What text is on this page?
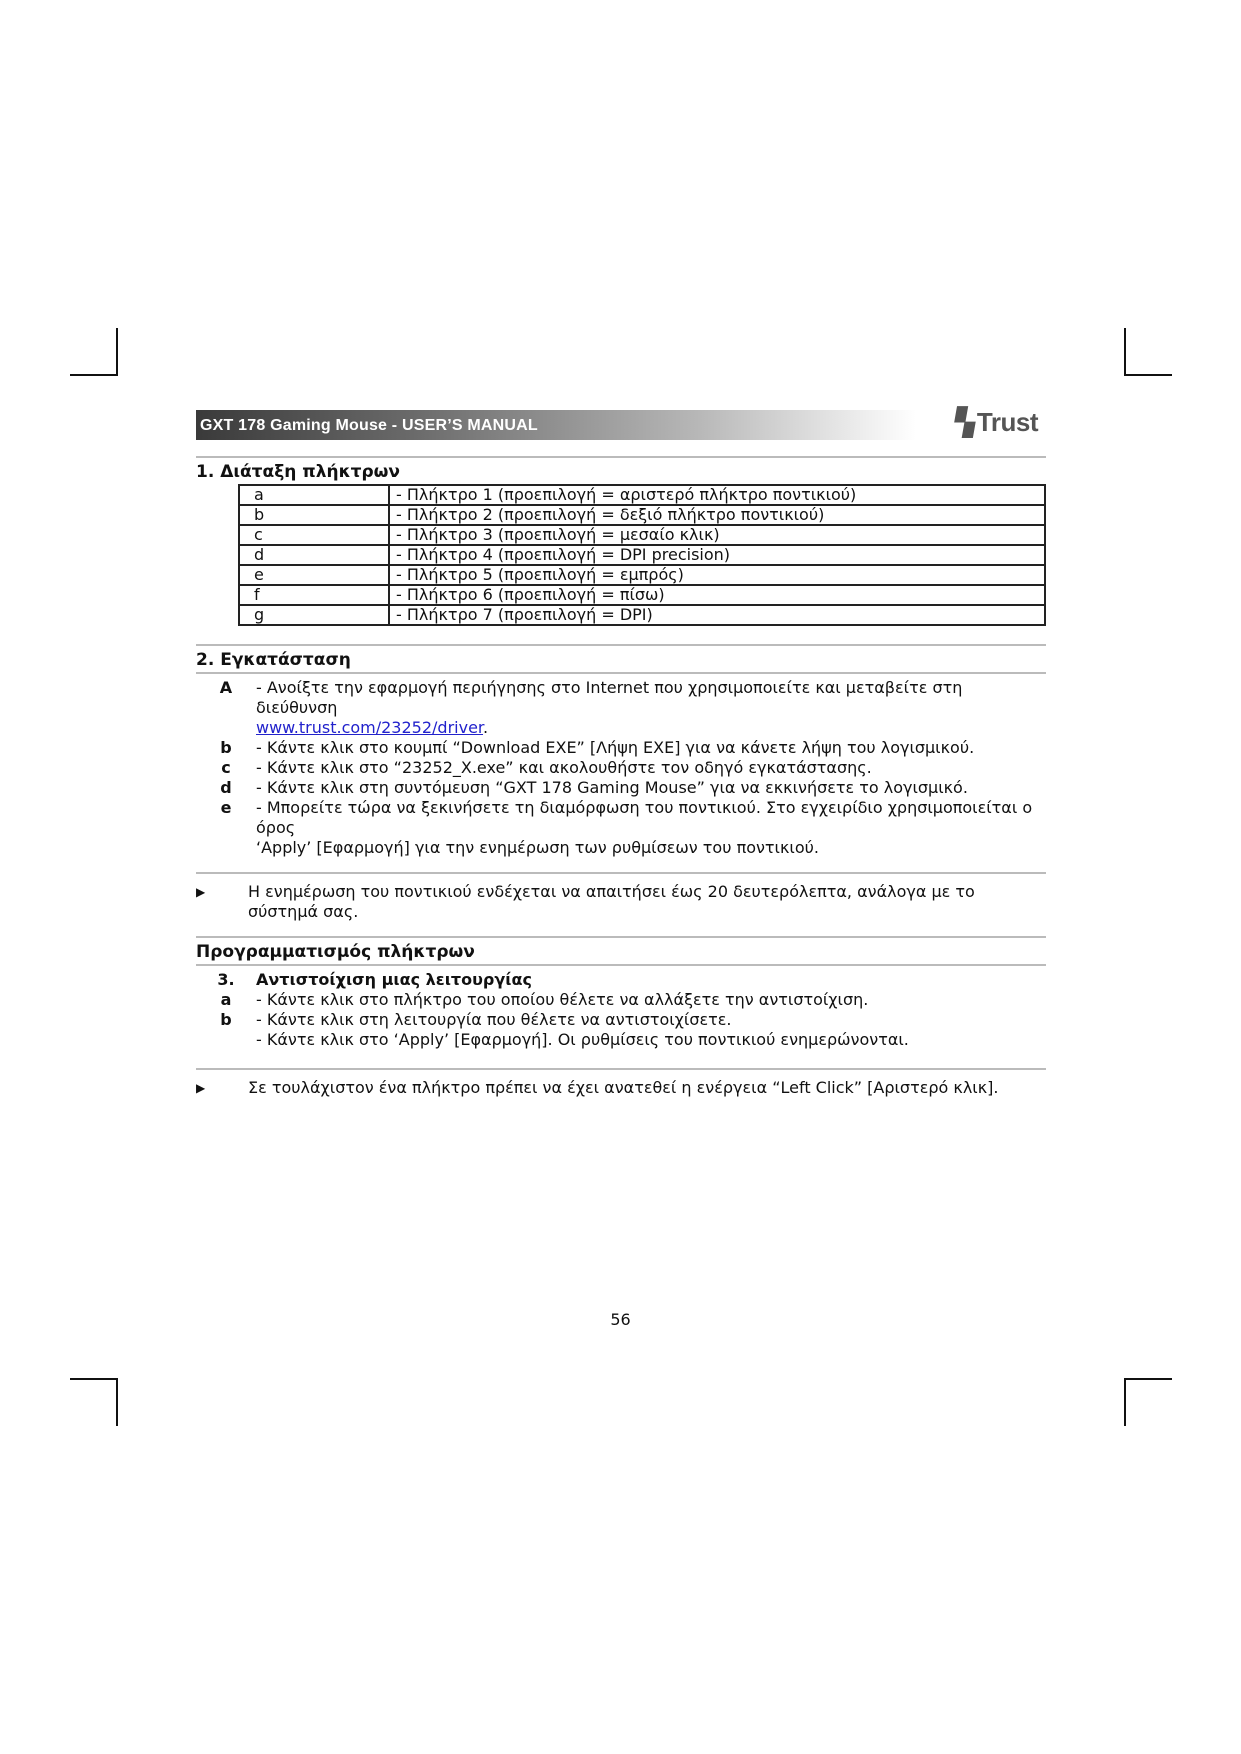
GXT 178 Gaming Mouse - USER’S MANUAL	▚Trust
1. Διάταξη πλήκτρων
a	- Πλήκτρο 1 (προεπιλογή = αριστερό πλήκτρο ποντικιού)
b	- Πλήκτρο 2 (προεπιλογή = δεξιό πλήκτρο ποντικιού)
c	- Πλήκτρο 3 (προεπιλογή = μεσαίο κλικ)
d	- Πλήκτρο 4 (προεπιλογή = DPI precision)
e	- Πλήκτρο 5 (προεπιλογή = εμπρός)
f	- Πλήκτρο 6 (προεπιλογή = πίσω)
g	- Πλήκτρο 7 (προεπιλογή = DPI)
2. Εγκατάσταση
A	- Ανοίξτε την εφαρμογή περιήγησης στο Internet που χρησιμοποιείτε και μεταβείτε στη διεύθυνση
www.trust.com/23252/driver.
b	- Κάντε κλικ στο κουμπί “Download EXE” [Λήψη EXE] για να κάνετε λήψη του λογισμικού.
c	- Κάντε κλικ στο “23252_X.exe” και ακολουθήστε τον οδηγό εγκατάστασης.
d	- Κάντε κλικ στη συντόμευση “GXT 178 Gaming Mouse” για να εκκινήσετε το λογισμικό.
e	- Μπορείτε τώρα να ξεκινήσετε τη διαμόρφωση του ποντικιού. Στο εγχειρίδιο χρησιμοποιείται ο όρος
‘Apply’ [Εφαρμογή] για την ενημέρωση των ρυθμίσεων του ποντικιού.
▶	Η ενημέρωση του ποντικιού ενδέχεται να απαιτήσει έως 20 δευτερόλεπτα, ανάλογα με το σύστημά σας.
Προγραμματισμός πλήκτρων
3.	Αντιστοίχιση μιας λειτουργίας
a	- Κάντε κλικ στο πλήκτρο του οποίου θέλετε να αλλάξετε την αντιστοίχιση.
b	- Κάντε κλικ στη λειτουργία που θέλετε να αντιστοιχίσετε.
- Κάντε κλικ στο ‘Apply’ [Εφαρμογή]. Οι ρυθμίσεις του ποντικιού ενημερώνονται.
▶	Σε τουλάχιστον ένα πλήκτρο πρέπει να έχει ανατεθεί η ενέργεια “Left Click” [Αριστερό κλικ].
56
